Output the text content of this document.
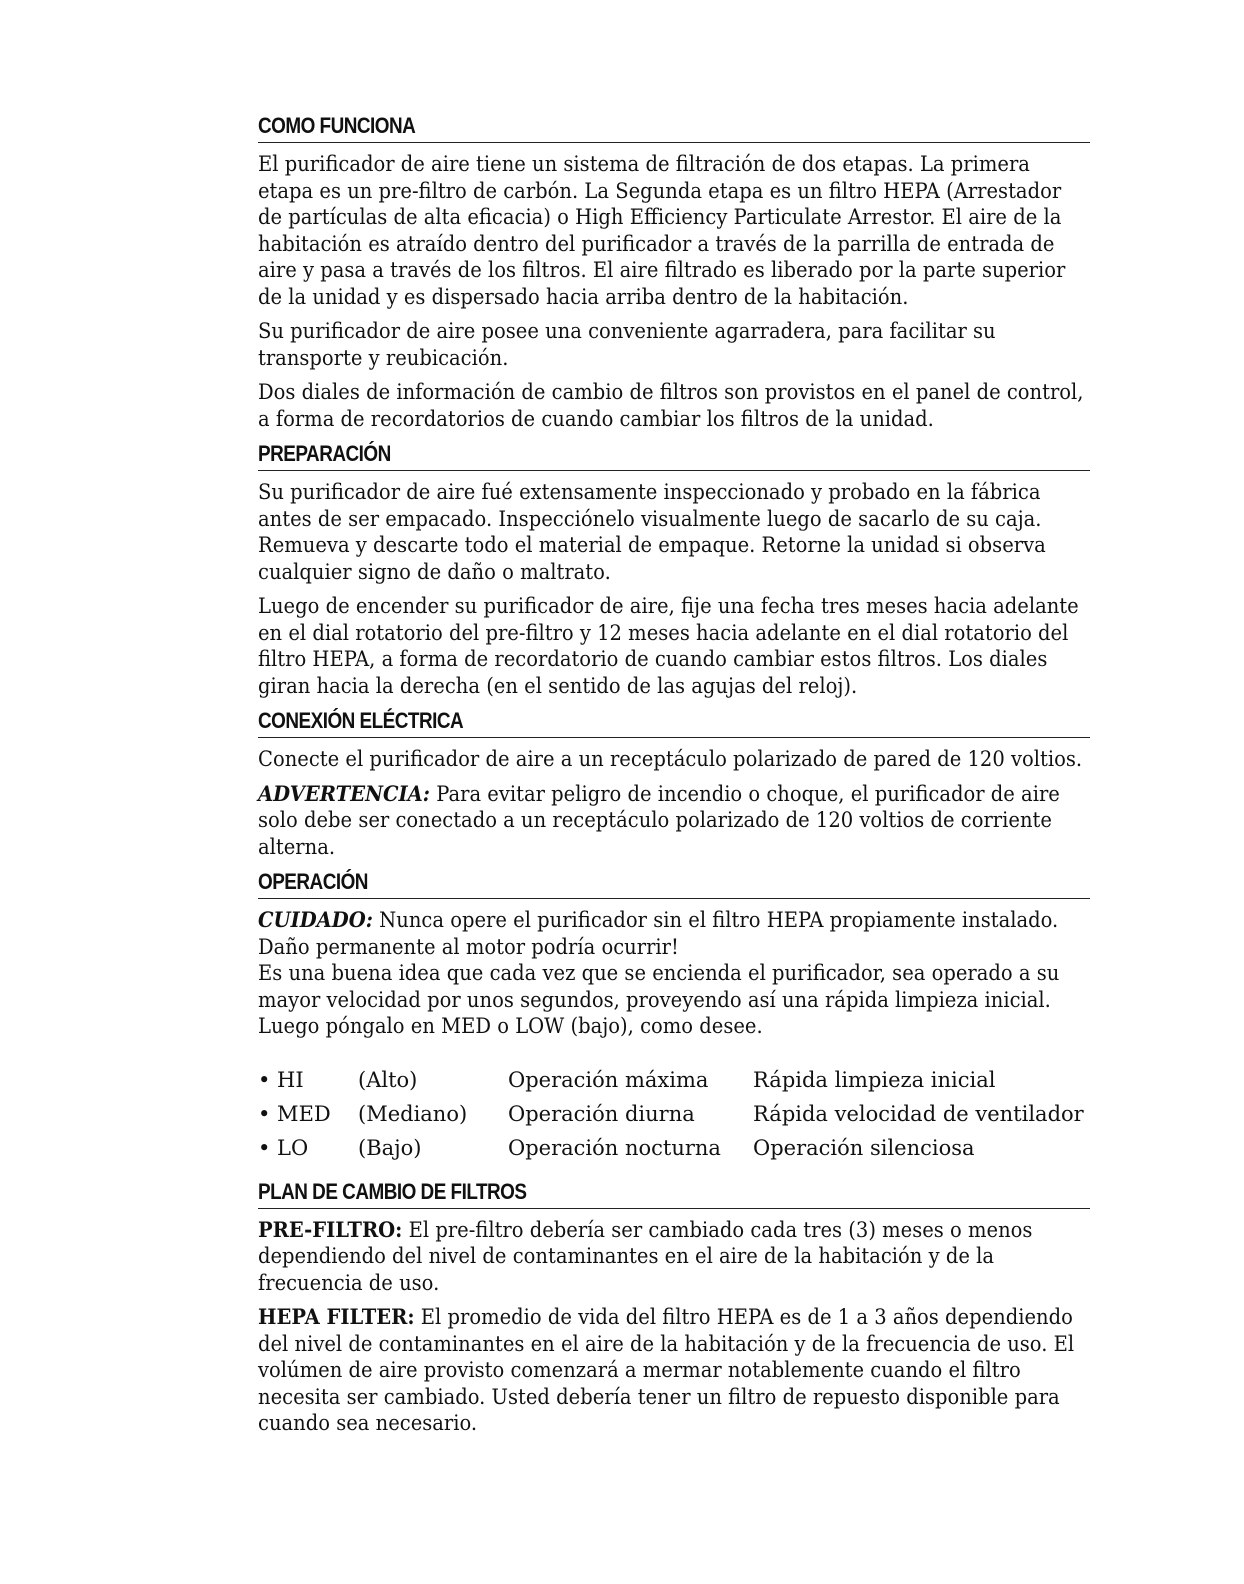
COMO FUNCIONA

El purificador de aire tiene un sistema de filtración de dos etapas. La primera etapa es un pre-filtro de carbón. La Segunda etapa es un filtro HEPA (Arrestador de partículas de alta eficacia) o High Efficiency Particulate Arrestor. El aire de la habitación es atraído dentro del purificador a través de la parrilla de entrada de aire y pasa a través de los filtros. El aire filtrado es liberado por la parte superior de la unidad y es dispersado hacia arriba dentro de la habitación.

Su purificador de aire posee una conveniente agarradera, para facilitar su transporte y reubicación.

Dos diales de información de cambio de filtros son provistos en el panel de control, a forma de recordatorios de cuando cambiar los filtros de la unidad.

PREPARACIÓN

Su purificador de aire fué extensamente inspeccionado y probado en la fábrica antes de ser empacado. Inspecciónelo visualmente luego de sacarlo de su caja. Remueva y descarte todo el material de empaque. Retorne la unidad si observa cualquier signo de daño o maltrato.

Luego de encender su purificador de aire, fije una fecha tres meses hacia adelante en el dial rotatorio del pre-filtro y 12 meses hacia adelante en el dial rotatorio del filtro HEPA, a forma de recordatorio de cuando cambiar estos filtros. Los diales giran hacia la derecha (en el sentido de las agujas del reloj).

CONEXIÓN ELÉCTRICA

Conecte el purificador de aire a un receptáculo polarizado de pared de 120 voltios.

ADVERTENCIA: Para evitar peligro de incendio o choque, el purificador de aire solo debe ser conectado a un receptáculo polarizado de 120 voltios de corriente alterna.

OPERACIÓN

CUIDADO: Nunca opere el purificador sin el filtro HEPA propiamente instalado. Daño permanente al motor podría ocurrir!

Es una buena idea que cada vez que se encienda el purificador, sea operado a su mayor velocidad por unos segundos, proveyendo así una rápida limpieza inicial. Luego póngalo en MED o LOW (bajo), como desee.

• HI	(Alto)	Operación máxima	Rápida limpieza inicial
• MED	(Mediano)	Operación diurna	Rápida velocidad de ventilador
• LO	(Bajo)	Operación nocturna	Operación silenciosa
PLAN DE CAMBIO DE FILTROS

PRE-FILTRO: El pre-filtro debería ser cambiado cada tres (3) meses o menos dependiendo del nivel de contaminantes en el aire de la habitación y de la frecuencia de uso.

HEPA FILTER: El promedio de vida del filtro HEPA es de 1 a 3 años dependiendo del nivel de contaminantes en el aire de la habitación y de la frecuencia de uso. El volúmen de aire provisto comenzará a mermar notablemente cuando el filtro necesita ser cambiado. Usted debería tener un filtro de repuesto disponible para cuando sea necesario.
